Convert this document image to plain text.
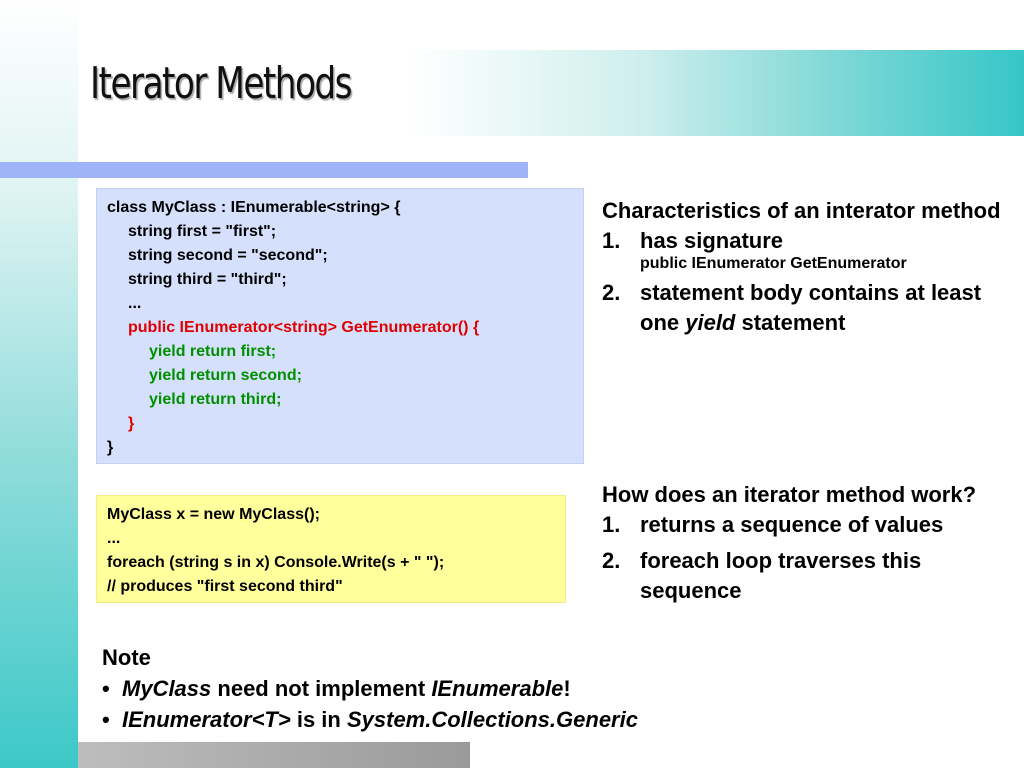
Iterator Methods
class MyClass : IEnumerable<string> {
string first = "first";
string second = "second";
string third = "third";
...
public IEnumerator<string> GetEnumerator() {
yield return first;
yield return second;
yield return third;
}
}
MyClass x = new MyClass();
...
foreach (string s in x) Console.Write(s + " ");
// produces "first second third"
Characteristics of an interator method
1. has signature
public IEnumerator GetEnumerator
2. statement body contains at least one yield statement
How does an iterator method work?
1. returns a sequence of values
2. foreach loop traverses this sequence
Note
• MyClass need not implement IEnumerable!
• IEnumerator<T> is in System.Collections.Generic
